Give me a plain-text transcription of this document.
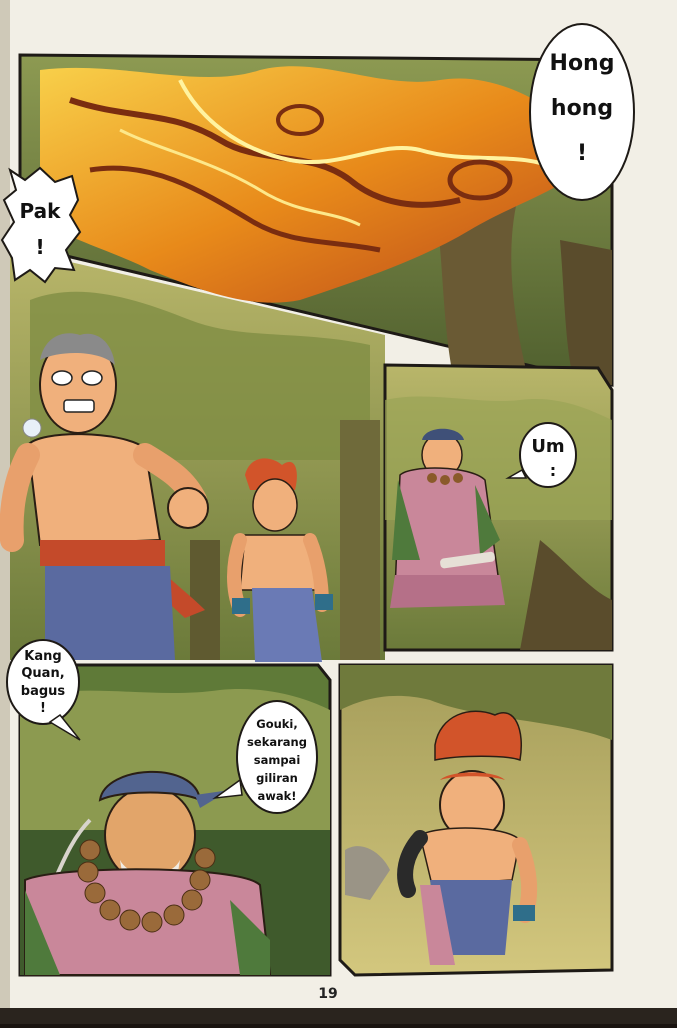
Hong
hong
!
Pak
!
Um
:
Kang
Quan,
bagus
!
Gouki,
sekarang
sampai
giliran
awak!
19
